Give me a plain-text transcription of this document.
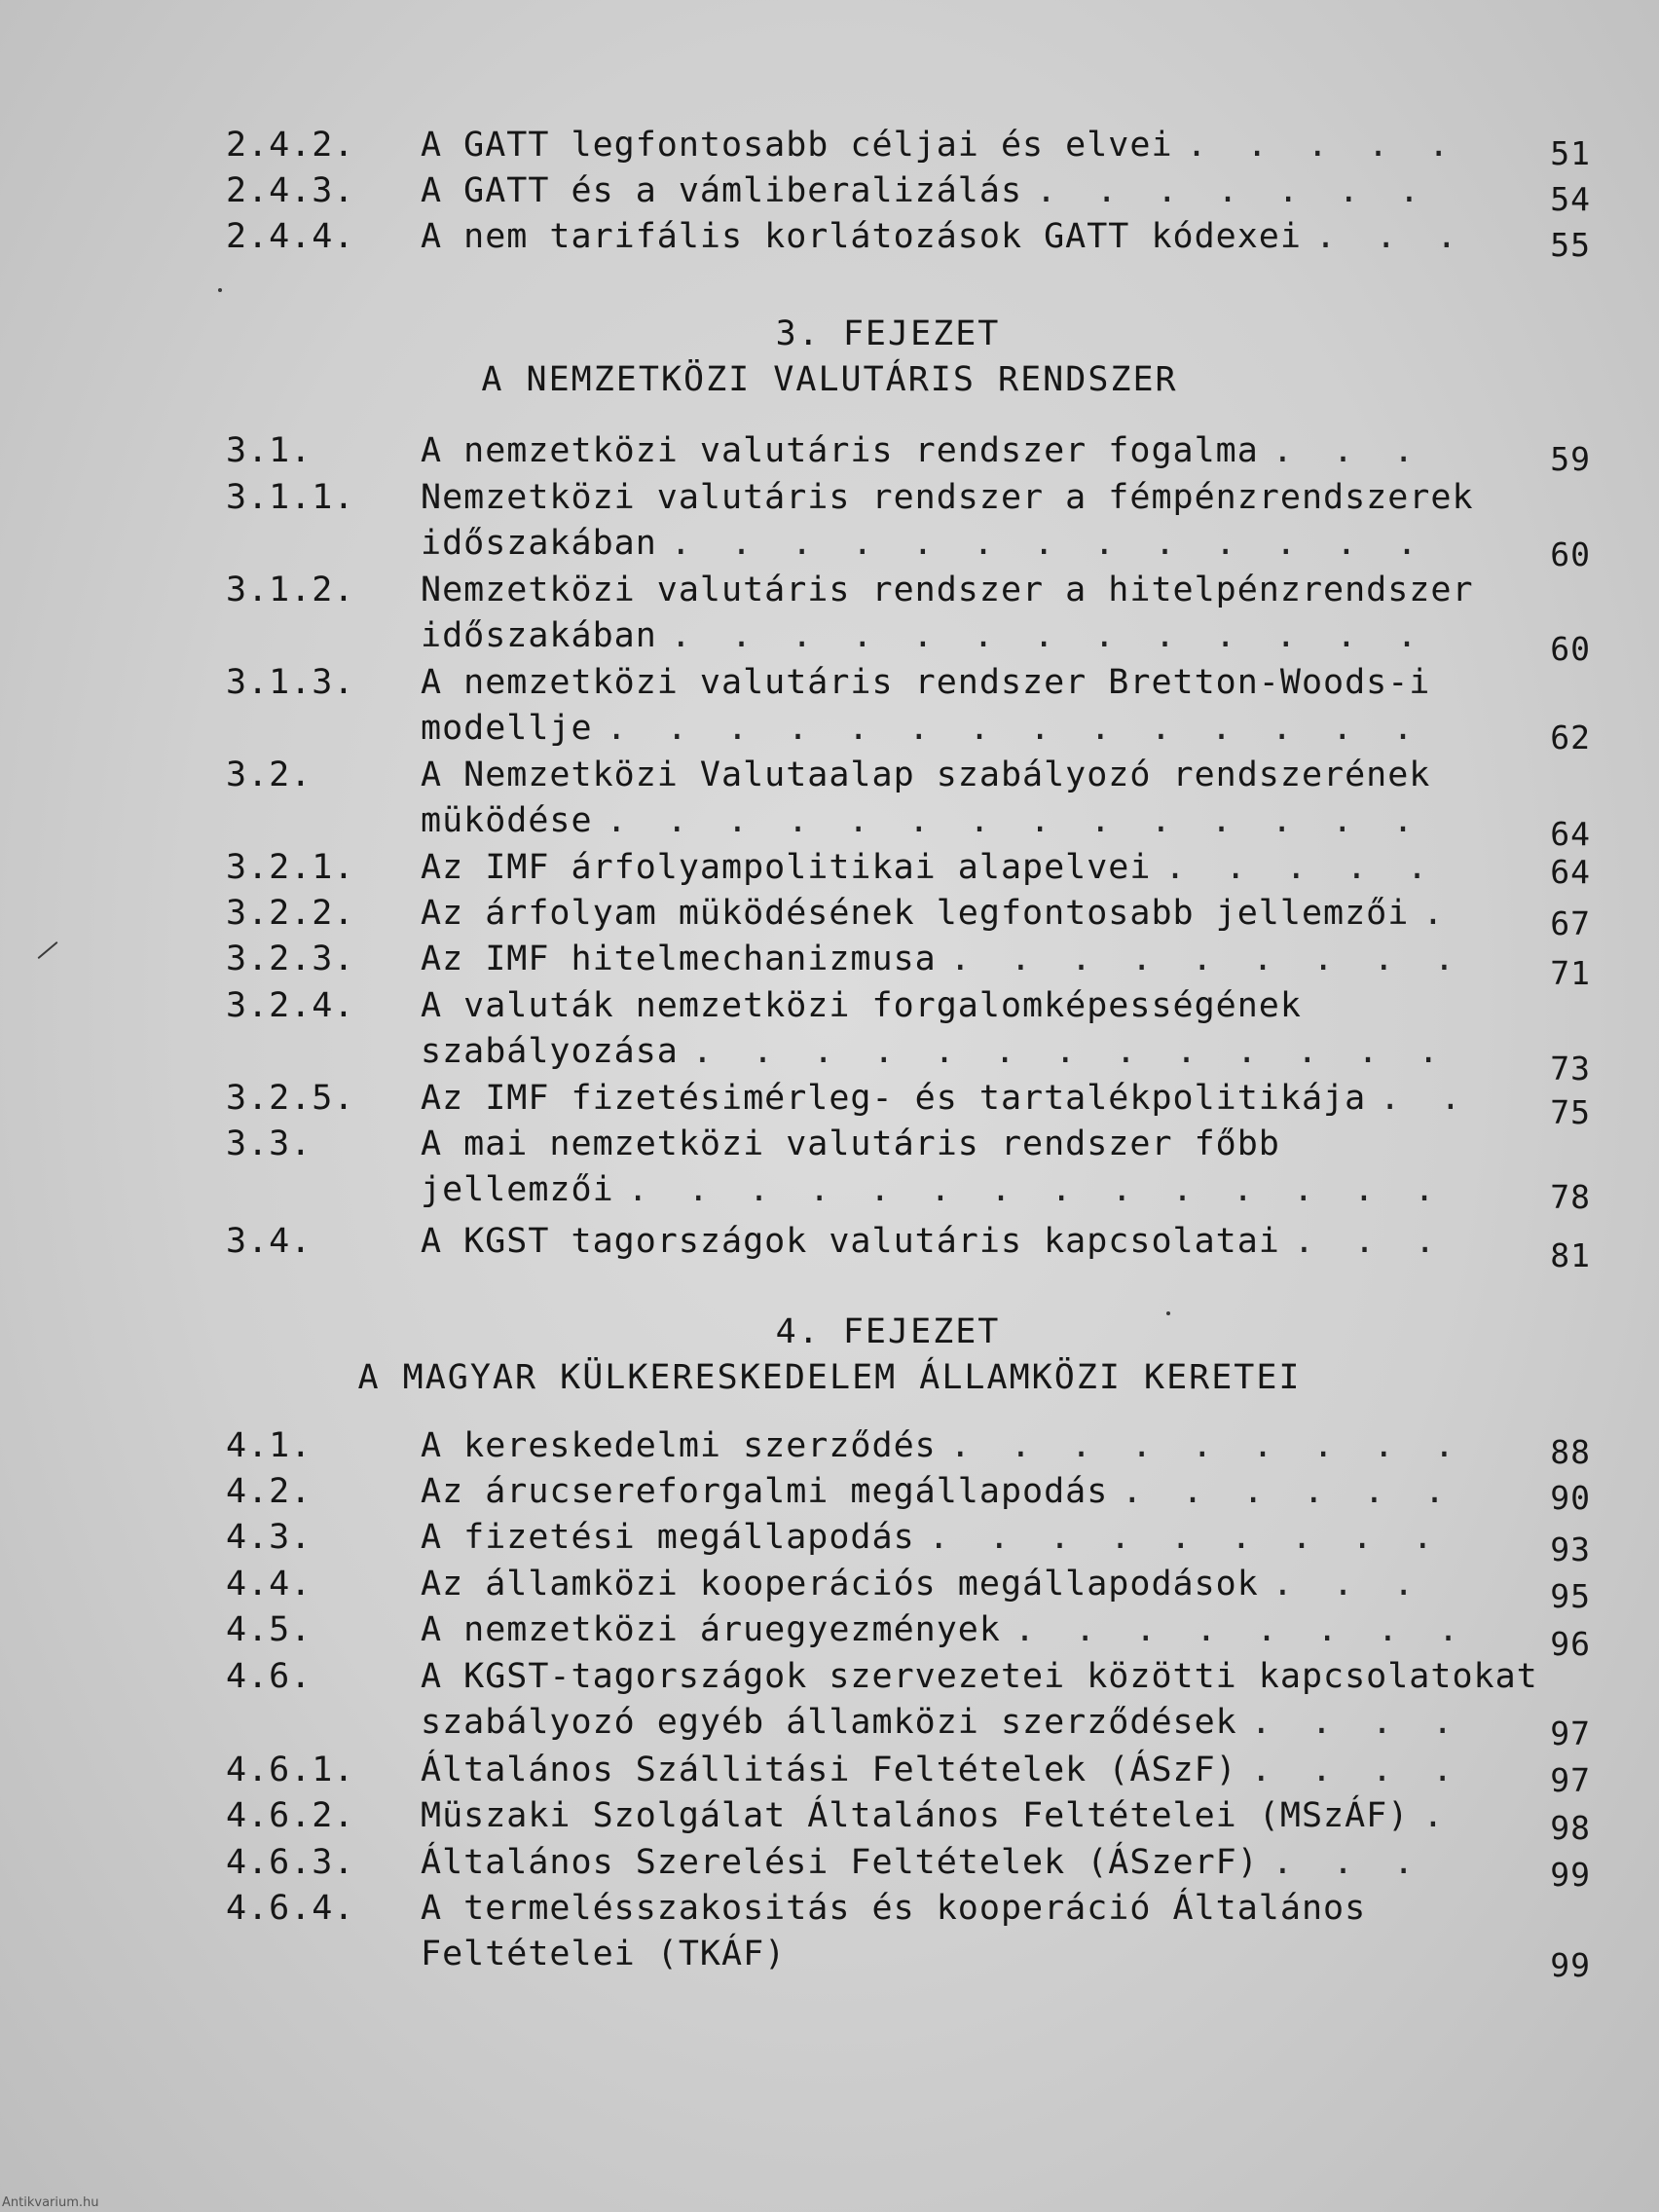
2.4.2. A GATT legfontosabb céljai és elvei . . .	51
2.4.3. A GATT és a vámliberalizálás . . .	54
2.4.4. A nem tarifális korlátozások GATT kódexei . . .	55
3. FEJEZET
A NEMZETKÖZI VALUTÁRIS RENDSZER
3.1.	A nemzetközi valutáris rendszer fogalma . . .	59
3.1.1. Nemzetközi valutáris rendszer a fémpénzrendszerek
időszakában . . .	60
3.1.2. Nemzetközi valutáris rendszer a hitelpénzrendszer
időszakában . . .	60
3.1.3. A nemzetközi valutáris rendszer Bretton-Woods-i
modellje . . .	62
3.2.	A Nemzetközi Valutaalap szabályozó rendszerének
müködése . . .	64
3.2.1. Az IMF árfolyampolitikai alapelvei . . .	64
3.2.2. Az árfolyam müködésének legfontosabb jellemzői . . .	67
3.2.3. Az IMF hitelmechanizmusa . . .	71
3.2.4. A valuták nemzetközi forgalomképességének
szabályozása . . .	73
3.2.5. Az IMF fizetésimérleg- és tartalékpolitikája . . .	75
3.3.	A mai nemzetközi valutáris rendszer főbb
jellemzői . . .	78
3.4.	A KGST tagországok valutáris kapcsolatai . . .	81
4. FEJEZET
A MAGYAR KÜLKERESKEDELEM ÁLLAMKÖZI KERETEI
4.1.	A kereskedelmi szerződés . . .	88
4.2.	Az árucsereforgalmi megállapodás . . .	90
4.3.	A fizetési megállapodás . . .	93
4.4.	Az államközi kooperációs megállapodások . . .	95
4.5.	A nemzetközi áruegyezmények . . .	96
4.6.	A KGST-tagországok szervezetei közötti kapcsolatokat
szabályozó egyéb államközi szerződések . . .	97
4.6.1. Általános Szállitási Feltételek (ÁSzF) . . .	97
4.6.2. Müszaki Szolgálat Általános Feltételei (MSzÁF) . . .	98
4.6.3. Általános Szerelési Feltételek (ÁSzerF) . . .	99
4.6.4. A termelésszakositás és kooperáció Általános
Feltételei (TKÁF)	99
Antikvarium.hu
